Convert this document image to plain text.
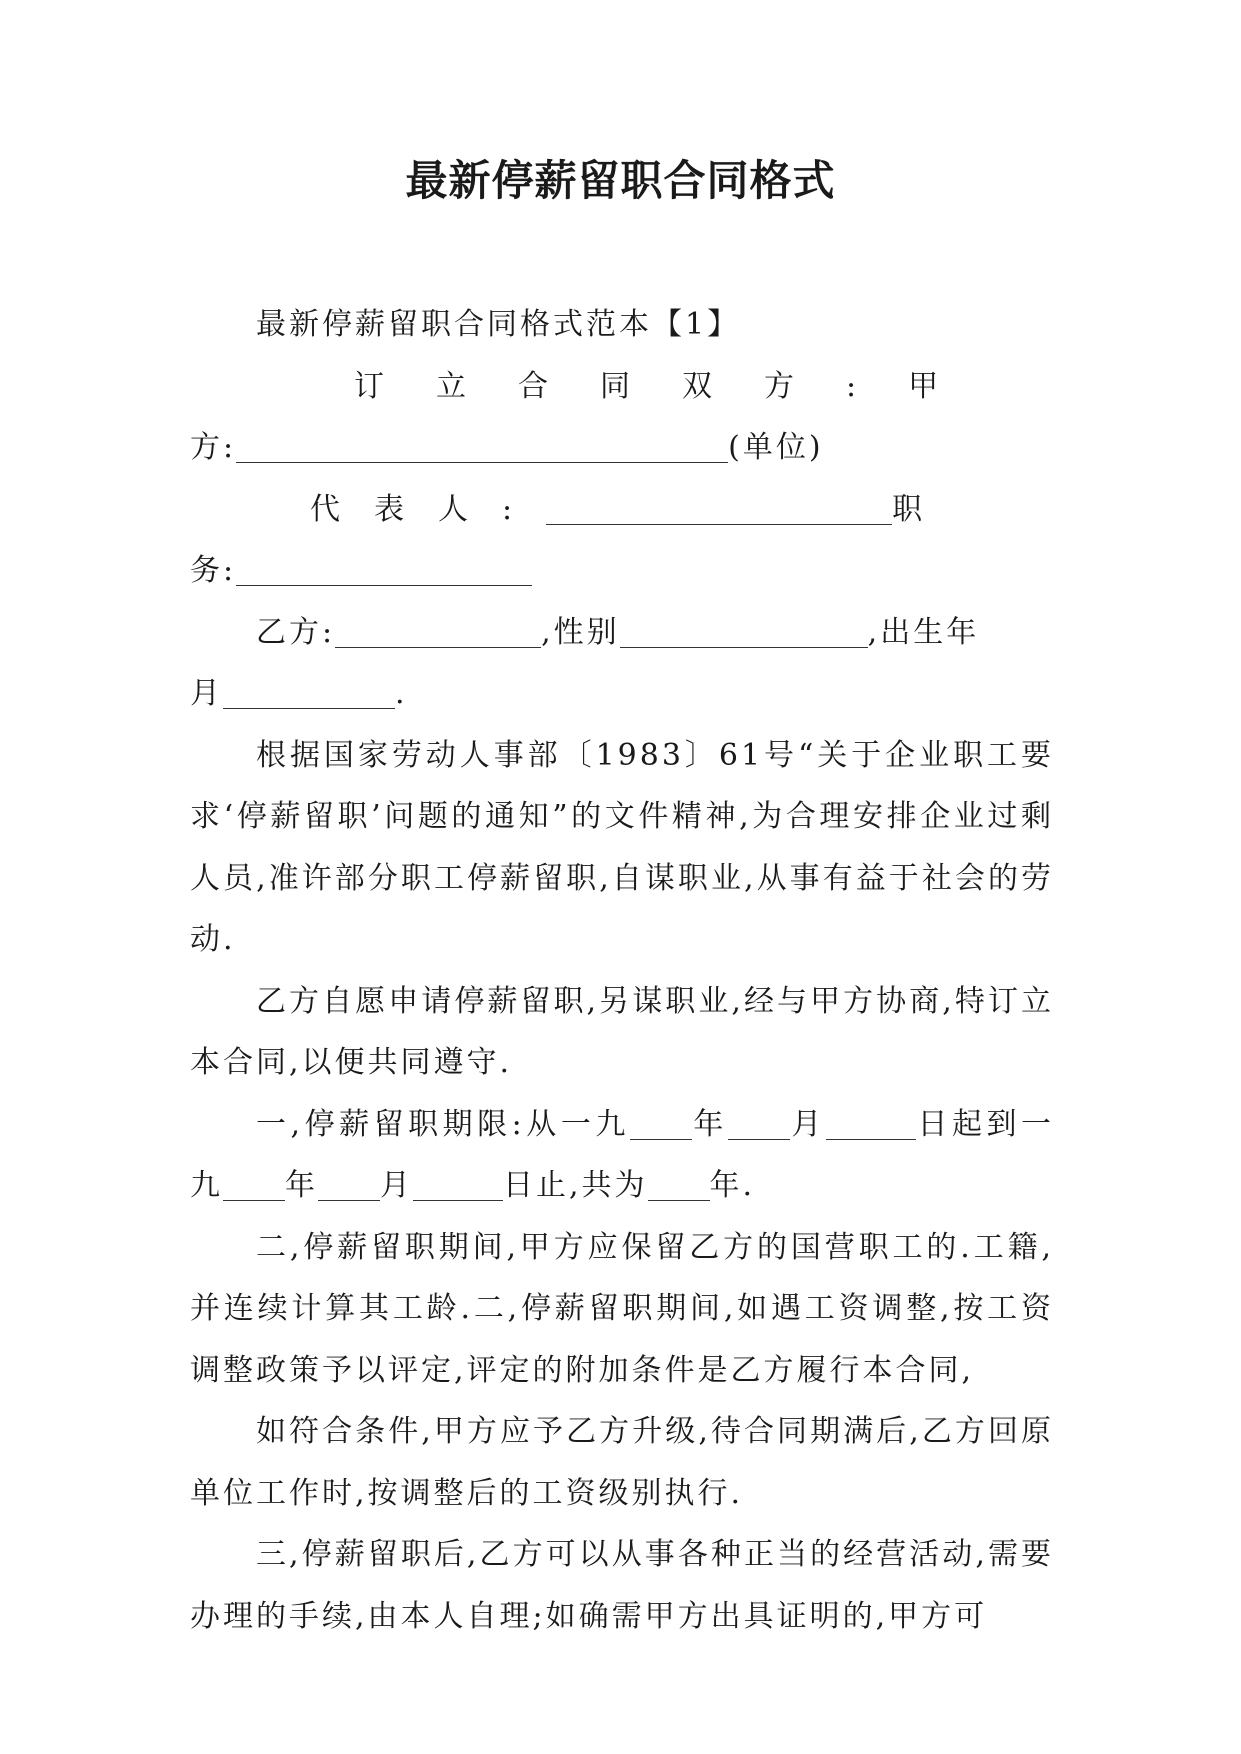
最新停薪留职合同格式

最新停薪留职合同格式范本【1】

订立合同双方:甲

方:	(单位)

代表人:	职

务:

乙方:	,性别	,出生年

月	.

根据国家劳动人事部〔1983〕61号“关于企业职工要求‘停薪留职’问题的通知”的文件精神,为合理安排企业过剩人员,准许部分职工停薪留职,自谋职业,从事有益于社会的劳动.

乙方自愿申请停薪留职,另谋职业,经与甲方协商,特订立本合同,以便共同遵守.

一,停薪留职期限:从一九 年 月	日起到一九 年 月	日止,共为 年.

二,停薪留职期间,甲方应保留乙方的国营职工的.工籍,并连续计算其工龄.二,停薪留职期间,如遇工资调整,按工资调整政策予以评定,评定的附加条件是乙方履行本合同,

如符合条件,甲方应予乙方升级,待合同期满后,乙方回原单位工作时,按调整后的工资级别执行.

三,停薪留职后,乙方可以从事各种正当的经营活动,需要办理的手续,由本人自理;如确需甲方出具证明的,甲方可
